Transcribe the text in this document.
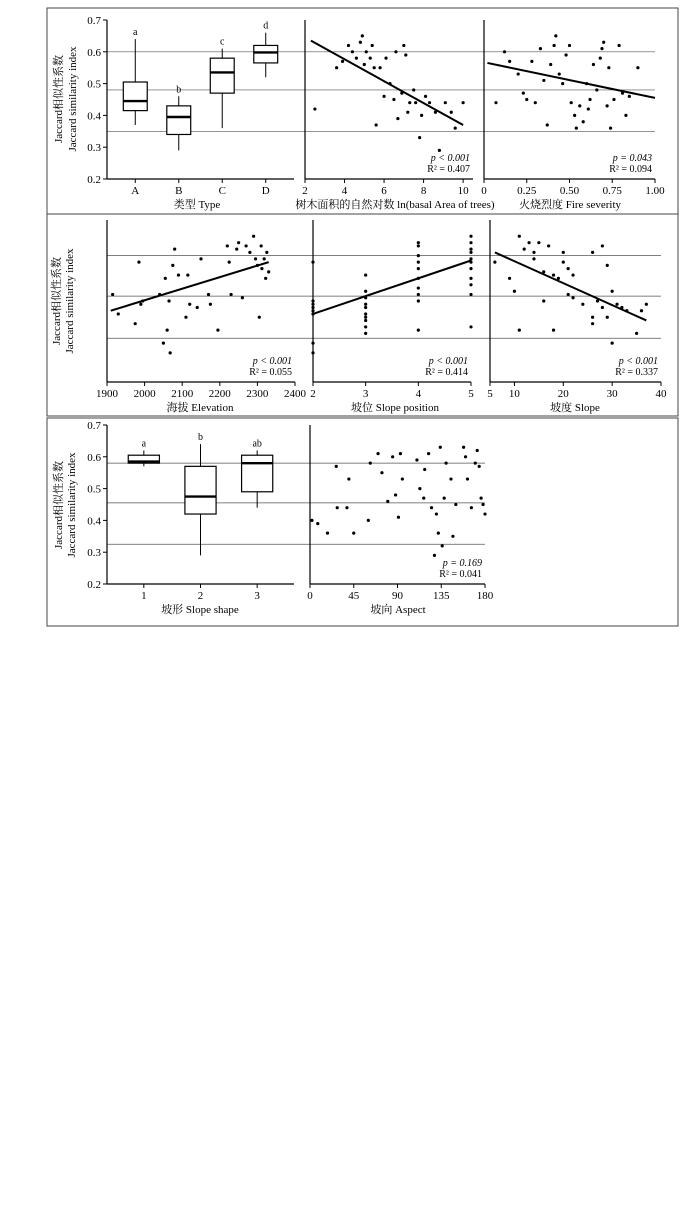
Jaccard相似性系数 Jaccard similarity index
Jaccard相似性系数 Jaccard similarity index
Jaccard相似性系数 Jaccard similarity index
0.2
0.3
0.4
0.5
0.6
0.7
a
A
b
B
c
C
d
D
类型 Type
2	4	6	8	10
p < 0.001
R² = 0.407
树木面积的自然对数 ln(basal Area of trees)
0	0.25 0.50 0.75 1.00
p = 0.043
R² = 0.094
火烧烈度 Fire severity
1900 2000 2100 2200 2300 2400
p < 0.001
R² = 0.055
海拔 Elevation
2	3	4	5
p < 0.001
R² = 0.414
坡位 Slope position
5 10	20	30	40
p < 0.001
R² = 0.337
坡度 Slope
0.2
0.3
0.4
0.5
0.6
0.7
a
1
b
2
ab
3
坡形 Slope shape
0	45	90	135 180
p = 0.169
R² = 0.041
坡向 Aspect
